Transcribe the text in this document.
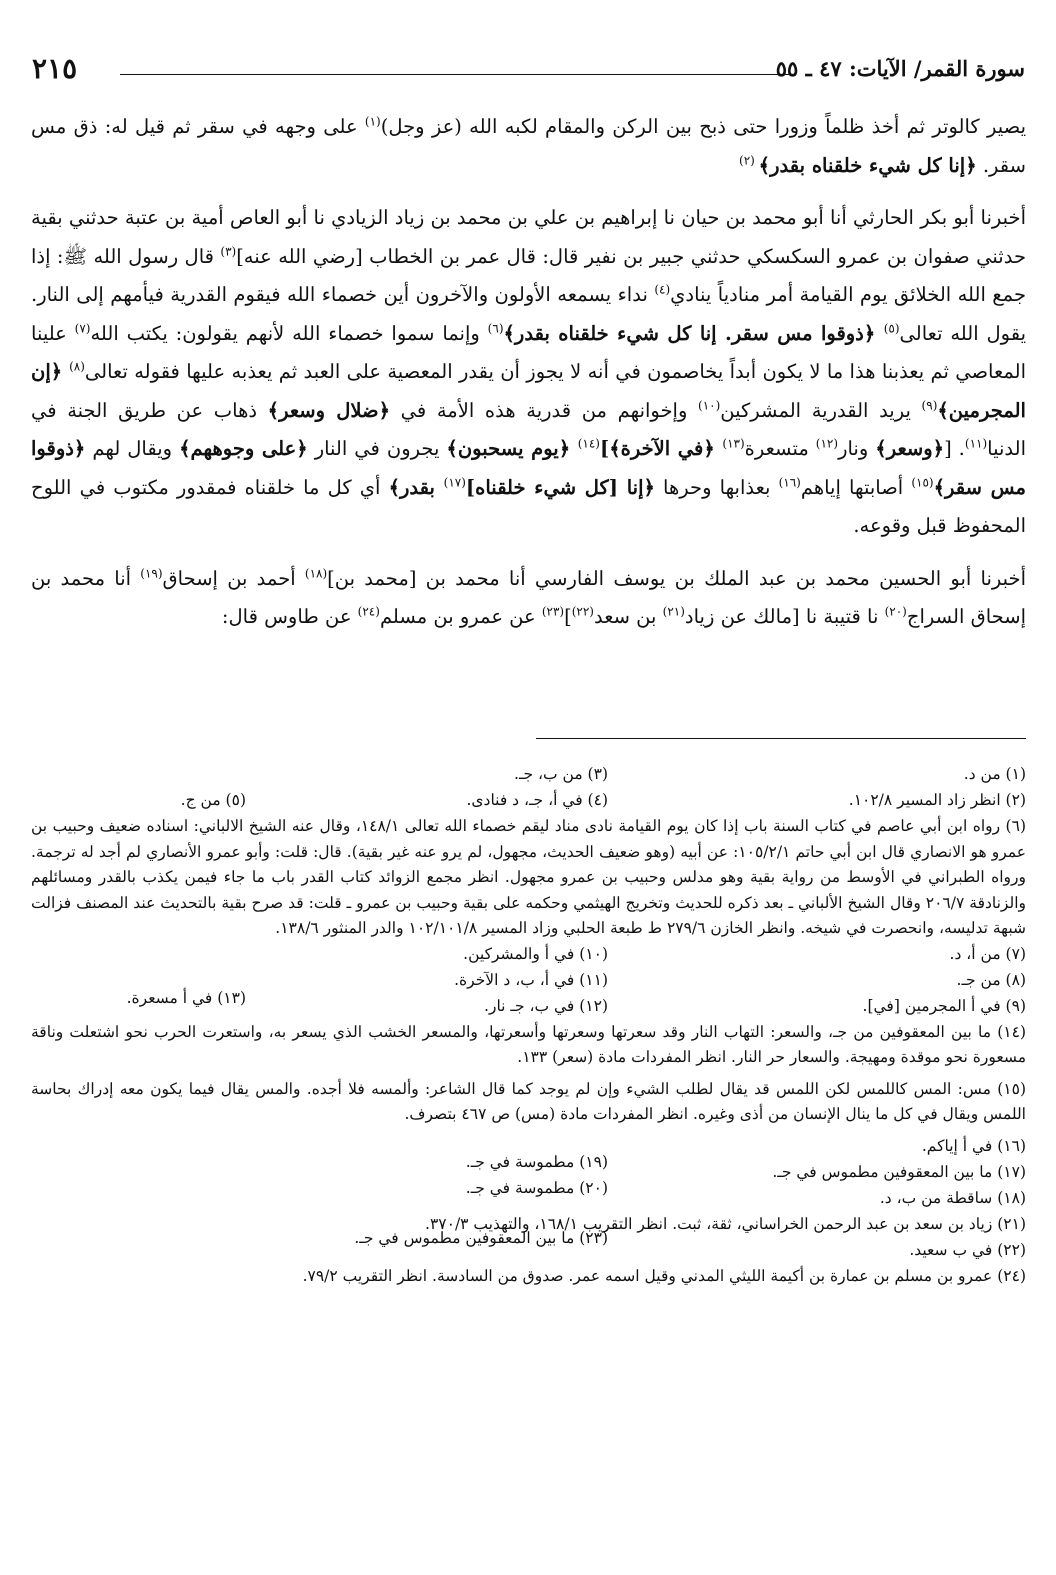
سورة القمر/ الآيات: ٤٧ ـ ٥٥
٢١٥

يصير كالوتر ثم أخذ ظلماً وزورا حتى ذبح بين الركن والمقام لكبه الله (عز وجل)$^{(١)}$ على وجهه في سقر ثم قيل له: ذق مس سقر. ﴿إنا كل شيء خلقناه بقدر﴾ $^{(٢)}$

أخبرنا أبو بكر الحارثي أنا أبو محمد بن حيان نا إبراهيم بن علي بن محمد بن زياد الزيادي نا أبو العاص أمية بن عتبة حدثني بقية حدثني صفوان بن عمرو السكسكي حدثني جبير بن نفير قال: قال عمر بن الخطاب [رضي الله عنه]$^{(٣)}$ قال رسول الله ﷺ: إذا جمع الله الخلائق يوم القيامة أمر منادياً ينادي$^{(٤)}$ نداء يسمعه الأولون والآخرون أين خصماء الله فيقوم القدرية فيأمهم إلى النار. يقول الله تعالى$^{(٥)}$ ﴿ذوقوا مس سقر. إنا كل شيء خلقناه بقدر﴾$^{(٦)}$ وإنما سموا خصماء الله لأنهم يقولون: يكتب الله$^{(٧)}$ علينا المعاصي ثم يعذبنا هذا ما لا يكون أبداً يخاصمون في أنه لا يجوز أن يقدر المعصية على العبد ثم يعذبه عليها فقوله تعالى$^{(٨)}$ ﴿إن المجرمين﴾$^{(٩)}$ يريد القدرية المشركين$^{(١٠)}$ وإخوانهم من قدرية هذه الأمة في ﴿ضلال وسعر﴾ ذهاب عن طريق الجنة في الدنيا$^{(١١)}$. [﴿وسعر﴾ ونار$^{(١٢)}$ متسعرة$^{(١٣)}$ ﴿في الآخرة﴾]$^{(١٤)}$ ﴿يوم يسحبون﴾ يجرون في النار ﴿على وجوههم﴾ ويقال لهم ﴿ذوقوا مس سقر﴾$^{(١٥)}$ أصابتها إياهم$^{(١٦)}$ بعذابها وحرها ﴿إنا [كل شيء خلقناه]$^{(١٧)}$ بقدر﴾ أي كل ما خلقناه فمقدور مكتوب في اللوح المحفوظ قبل وقوعه.

أخبرنا أبو الحسين محمد بن عبد الملك بن يوسف الفارسي أنا محمد بن [محمد بن]$^{(١٨)}$ أحمد بن إسحاق$^{(١٩)}$ أنا محمد بن إسحاق السراج$^{(٢٠)}$ نا قتيبة نا [مالك عن زياد$^{(٢١)}$ بن سعد$^{(٢٢)}$]$^{(٢٣)}$ عن عمرو بن مسلم$^{(٢٤)}$ عن طاوس قال:

(١) من د.
(٣) من ب، جـ.
(٢) انظر زاد المسير ١٠٢/٨.
(٤) في أ، جـ، د فنادى.
(٥) من ج.

(٦) رواه ابن أبي عاصم في كتاب السنة باب إذا كان يوم القيامة نادى مناد ليقم خصماء الله تعالى ١٤٨/١، وقال عنه الشيخ الالباني: اسناده ضعيف وحبيب بن عمرو هو الانصاري قال ابن أبي حاتم ١٠٥/٢/١: عن أبيه (وهو ضعيف الحديث، مجهول، لم يرو عنه غير بقية). قال: قلت: وأبو عمرو الأنصاري لم أجد له ترجمة. ورواه الطبراني في الأوسط من رواية بقية وهو مدلس وحبيب بن عمرو مجهول. انظر مجمع الزوائد كتاب القدر باب ما جاء فيمن يكذب بالقدر ومسائلهم والزنادقة ٢٠٦/٧ وقال الشيخ الألباني ـ بعد ذكره للحديث وتخريج الهيثمي وحكمه على بقية وحبيب بن عمرو ـ قلت: قد صرح بقية بالتحديث عند المصنف فزالت شبهة تدليسه، وانحصرت في شيخه. وانظر الخازن ٢٧٩/٦ ط طبعة الحلبي وزاد المسير ١٠٢/١٠١/٨ والدر المنثور ١٣٨/٦.

(٧) من أ، د.
(١٠) في أ والمشركين.
(٨) من جـ.
(١١) في أ، ب، د الآخرة.
(٩) في أ المجرمين [في].
(١٢) في ب، جـ نار.
(١٣) في أ مسعرة.

(١٤) ما بين المعقوفين من جـ، والسعر: التهاب النار وقد سعرتها وسعرتها وأسعرتها، والمسعر الخشب الذي يسعر به، واستعرت الحرب نحو اشتعلت وناقة مسعورة نحو موقدة ومهيجة. والسعار حر النار. انظر المفردات مادة (سعر) ١٣٣.

(١٥) مس: المس كاللمس لكن اللمس قد يقال لطلب الشيء وإن لم يوجد كما قال الشاعر: وألمسه فلا أجده. والمس يقال فيما يكون معه إدراك بحاسة اللمس ويقال في كل ما ينال الإنسان من أذى وغيره. انظر المفردات مادة (مس) ص ٤٦٧ بتصرف.

(١٦) في أ إياكم.
(١٧) ما بين المعقوفين مطموس في جـ.
(١٩) مطموسة في جـ.
(١٨) ساقطة من ب، د.
(٢٠) مطموسة في جـ.
(٢١) زياد بن سعد بن عبد الرحمن الخراساني، ثقة، ثبت. انظر التقريب ١٦٨/١، والتهذيب ٣٧٠/٣.
(٢٢) في ب سعيد.
(٢٣) ما بين المعقوفين مطموس في جـ.
(٢٤) عمرو بن مسلم بن عمارة بن أكيمة الليثي المدني وقيل اسمه عمر. صدوق من السادسة. انظر التقريب ٧٩/٢.
